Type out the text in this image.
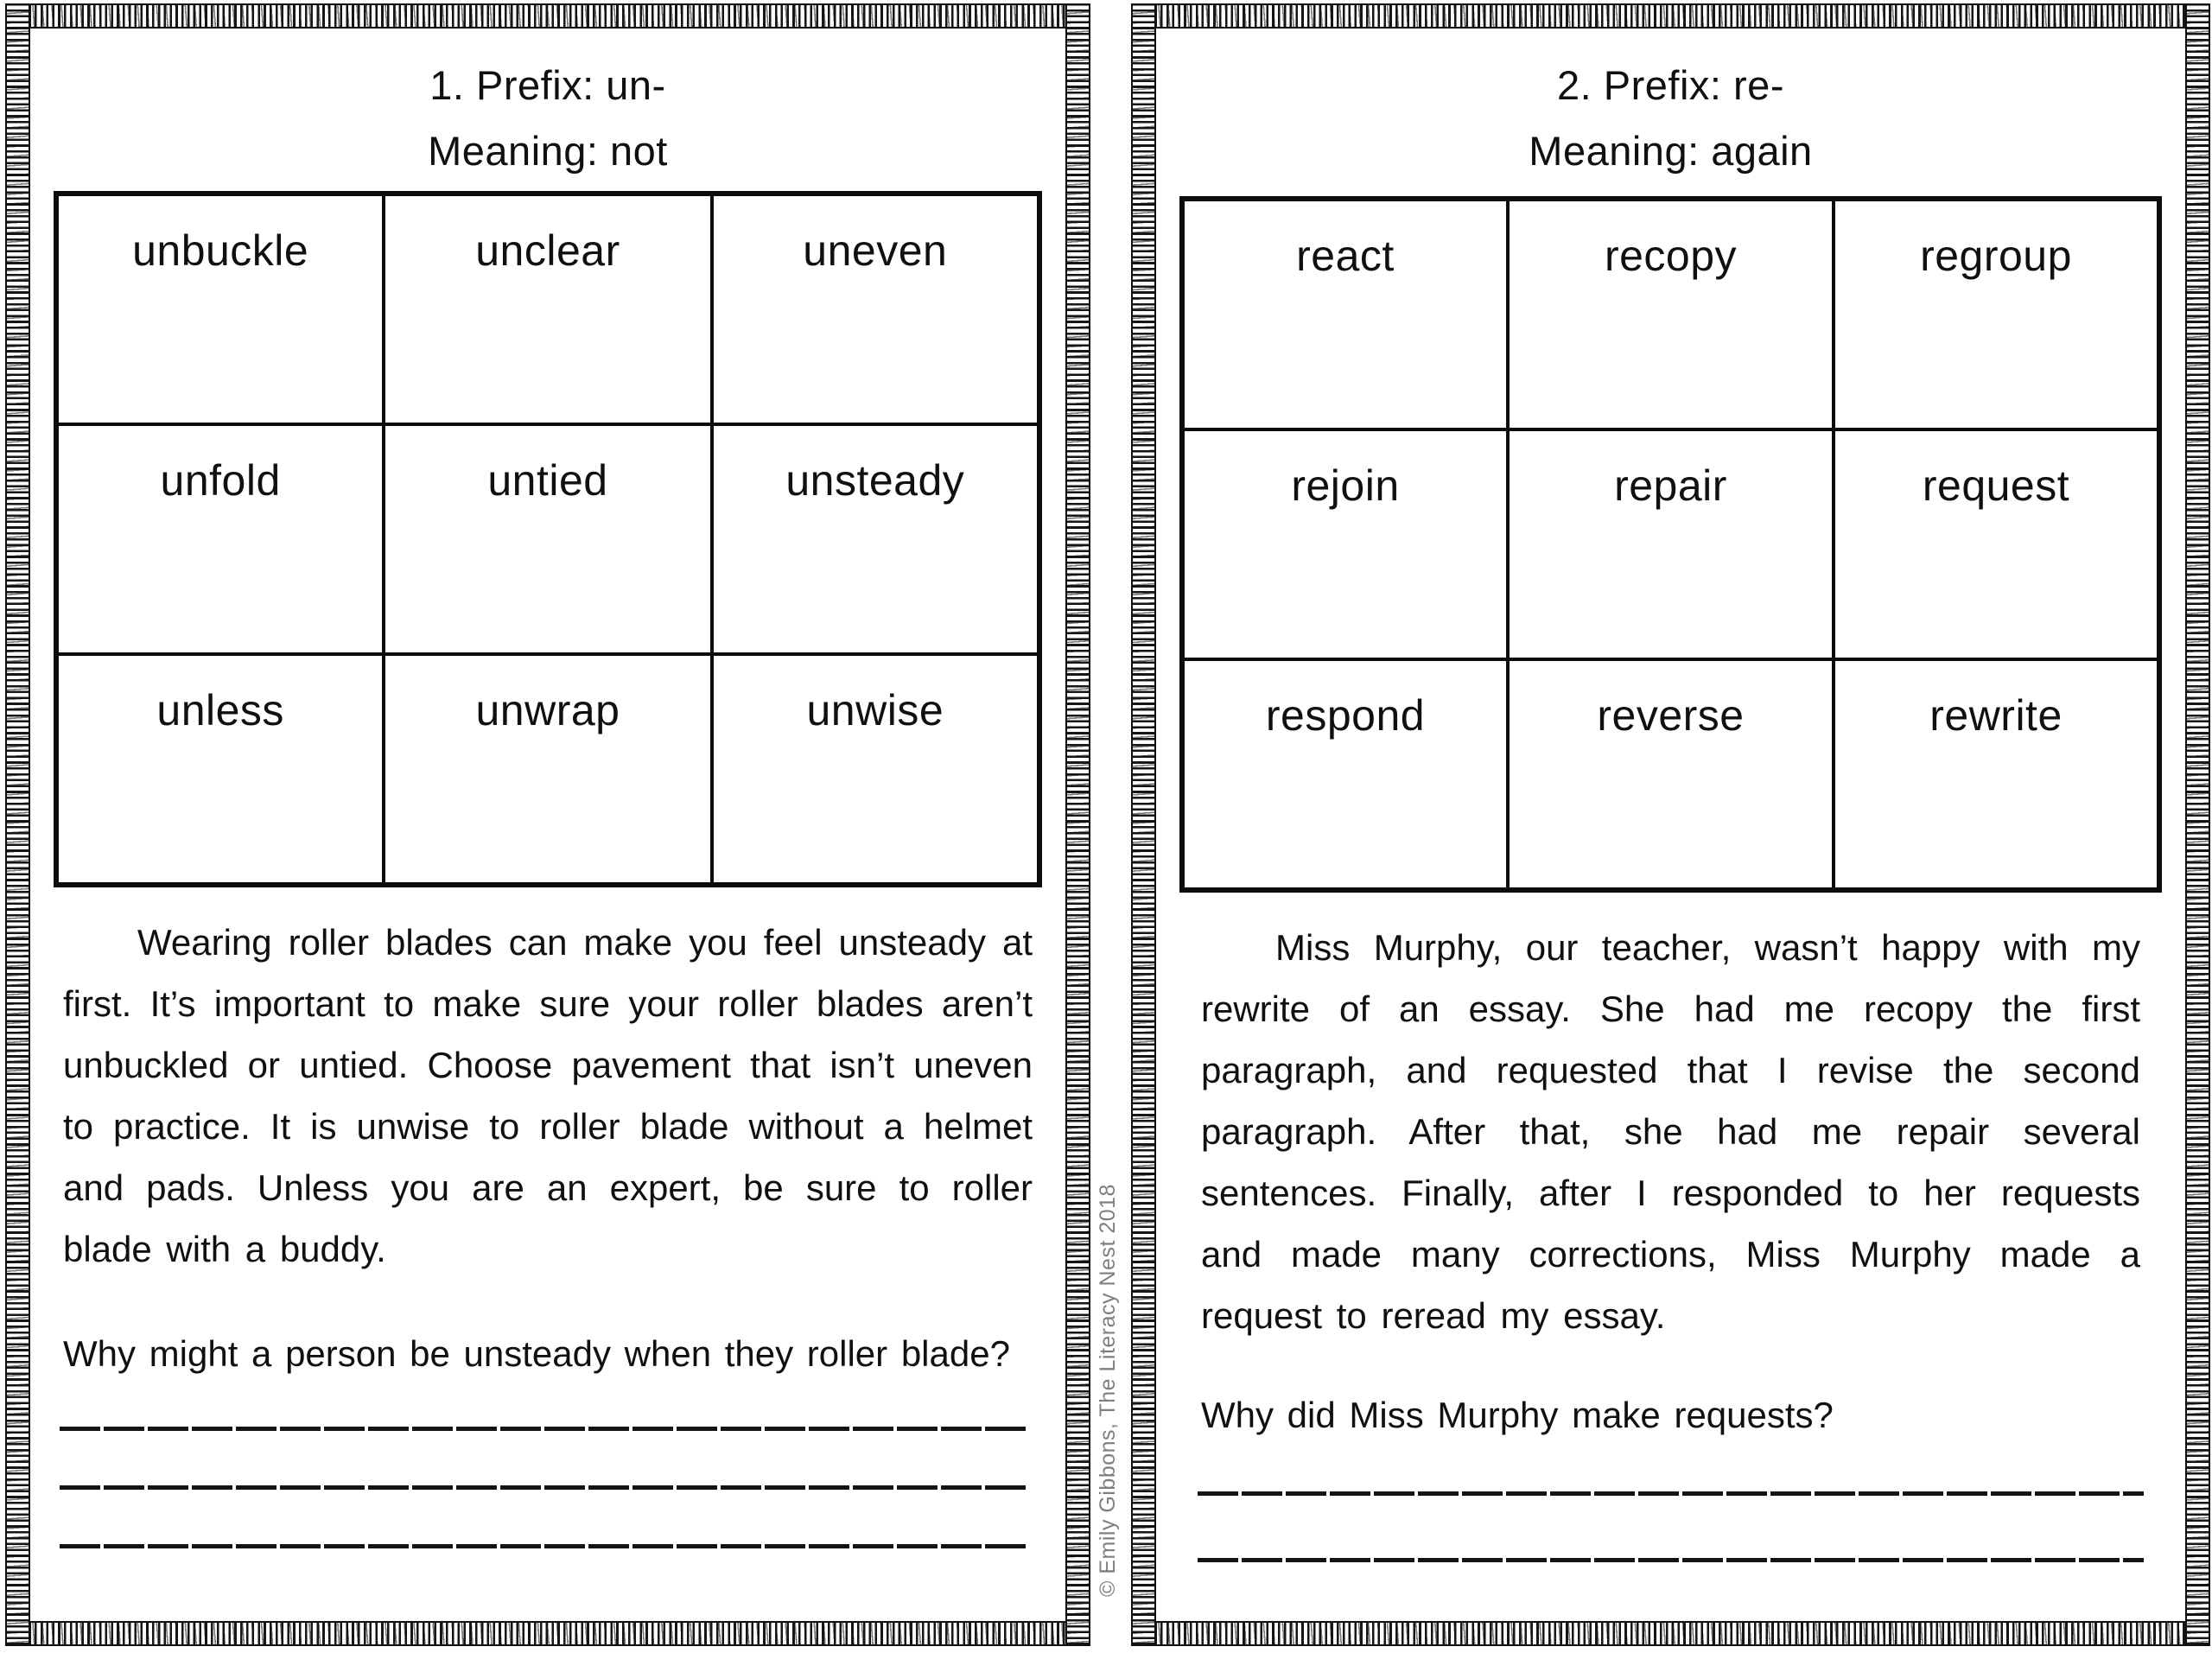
1. Prefix: un-
Meaning: not
unbuckle	unclear	uneven
unfold	untied	unsteady
unless	unwrap	unwise
Wearing roller blades can make you feel unsteady at first. It’s important to make sure your roller blades aren’t unbuckled or untied. Choose pavement that isn’t uneven to practice. It is unwise to roller blade without a helmet and pads. Unless you are an expert, be sure to roller blade with a buddy.
Why might a person be unsteady when they roller blade?
2. Prefix: re-
Meaning: again
react	recopy	regroup
rejoin	repair	request
respond	reverse	rewrite
Miss Murphy, our teacher, wasn’t happy with my rewrite of an essay. She had me recopy the first paragraph, and requested that I revise the second paragraph. After that, she had me repair several sentences. Finally, after I responded to her requests and made many corrections, Miss Murphy made a request to reread my essay.
Why did Miss Murphy make requests?
© Emily Gibbons, The Literacy Nest 2018
